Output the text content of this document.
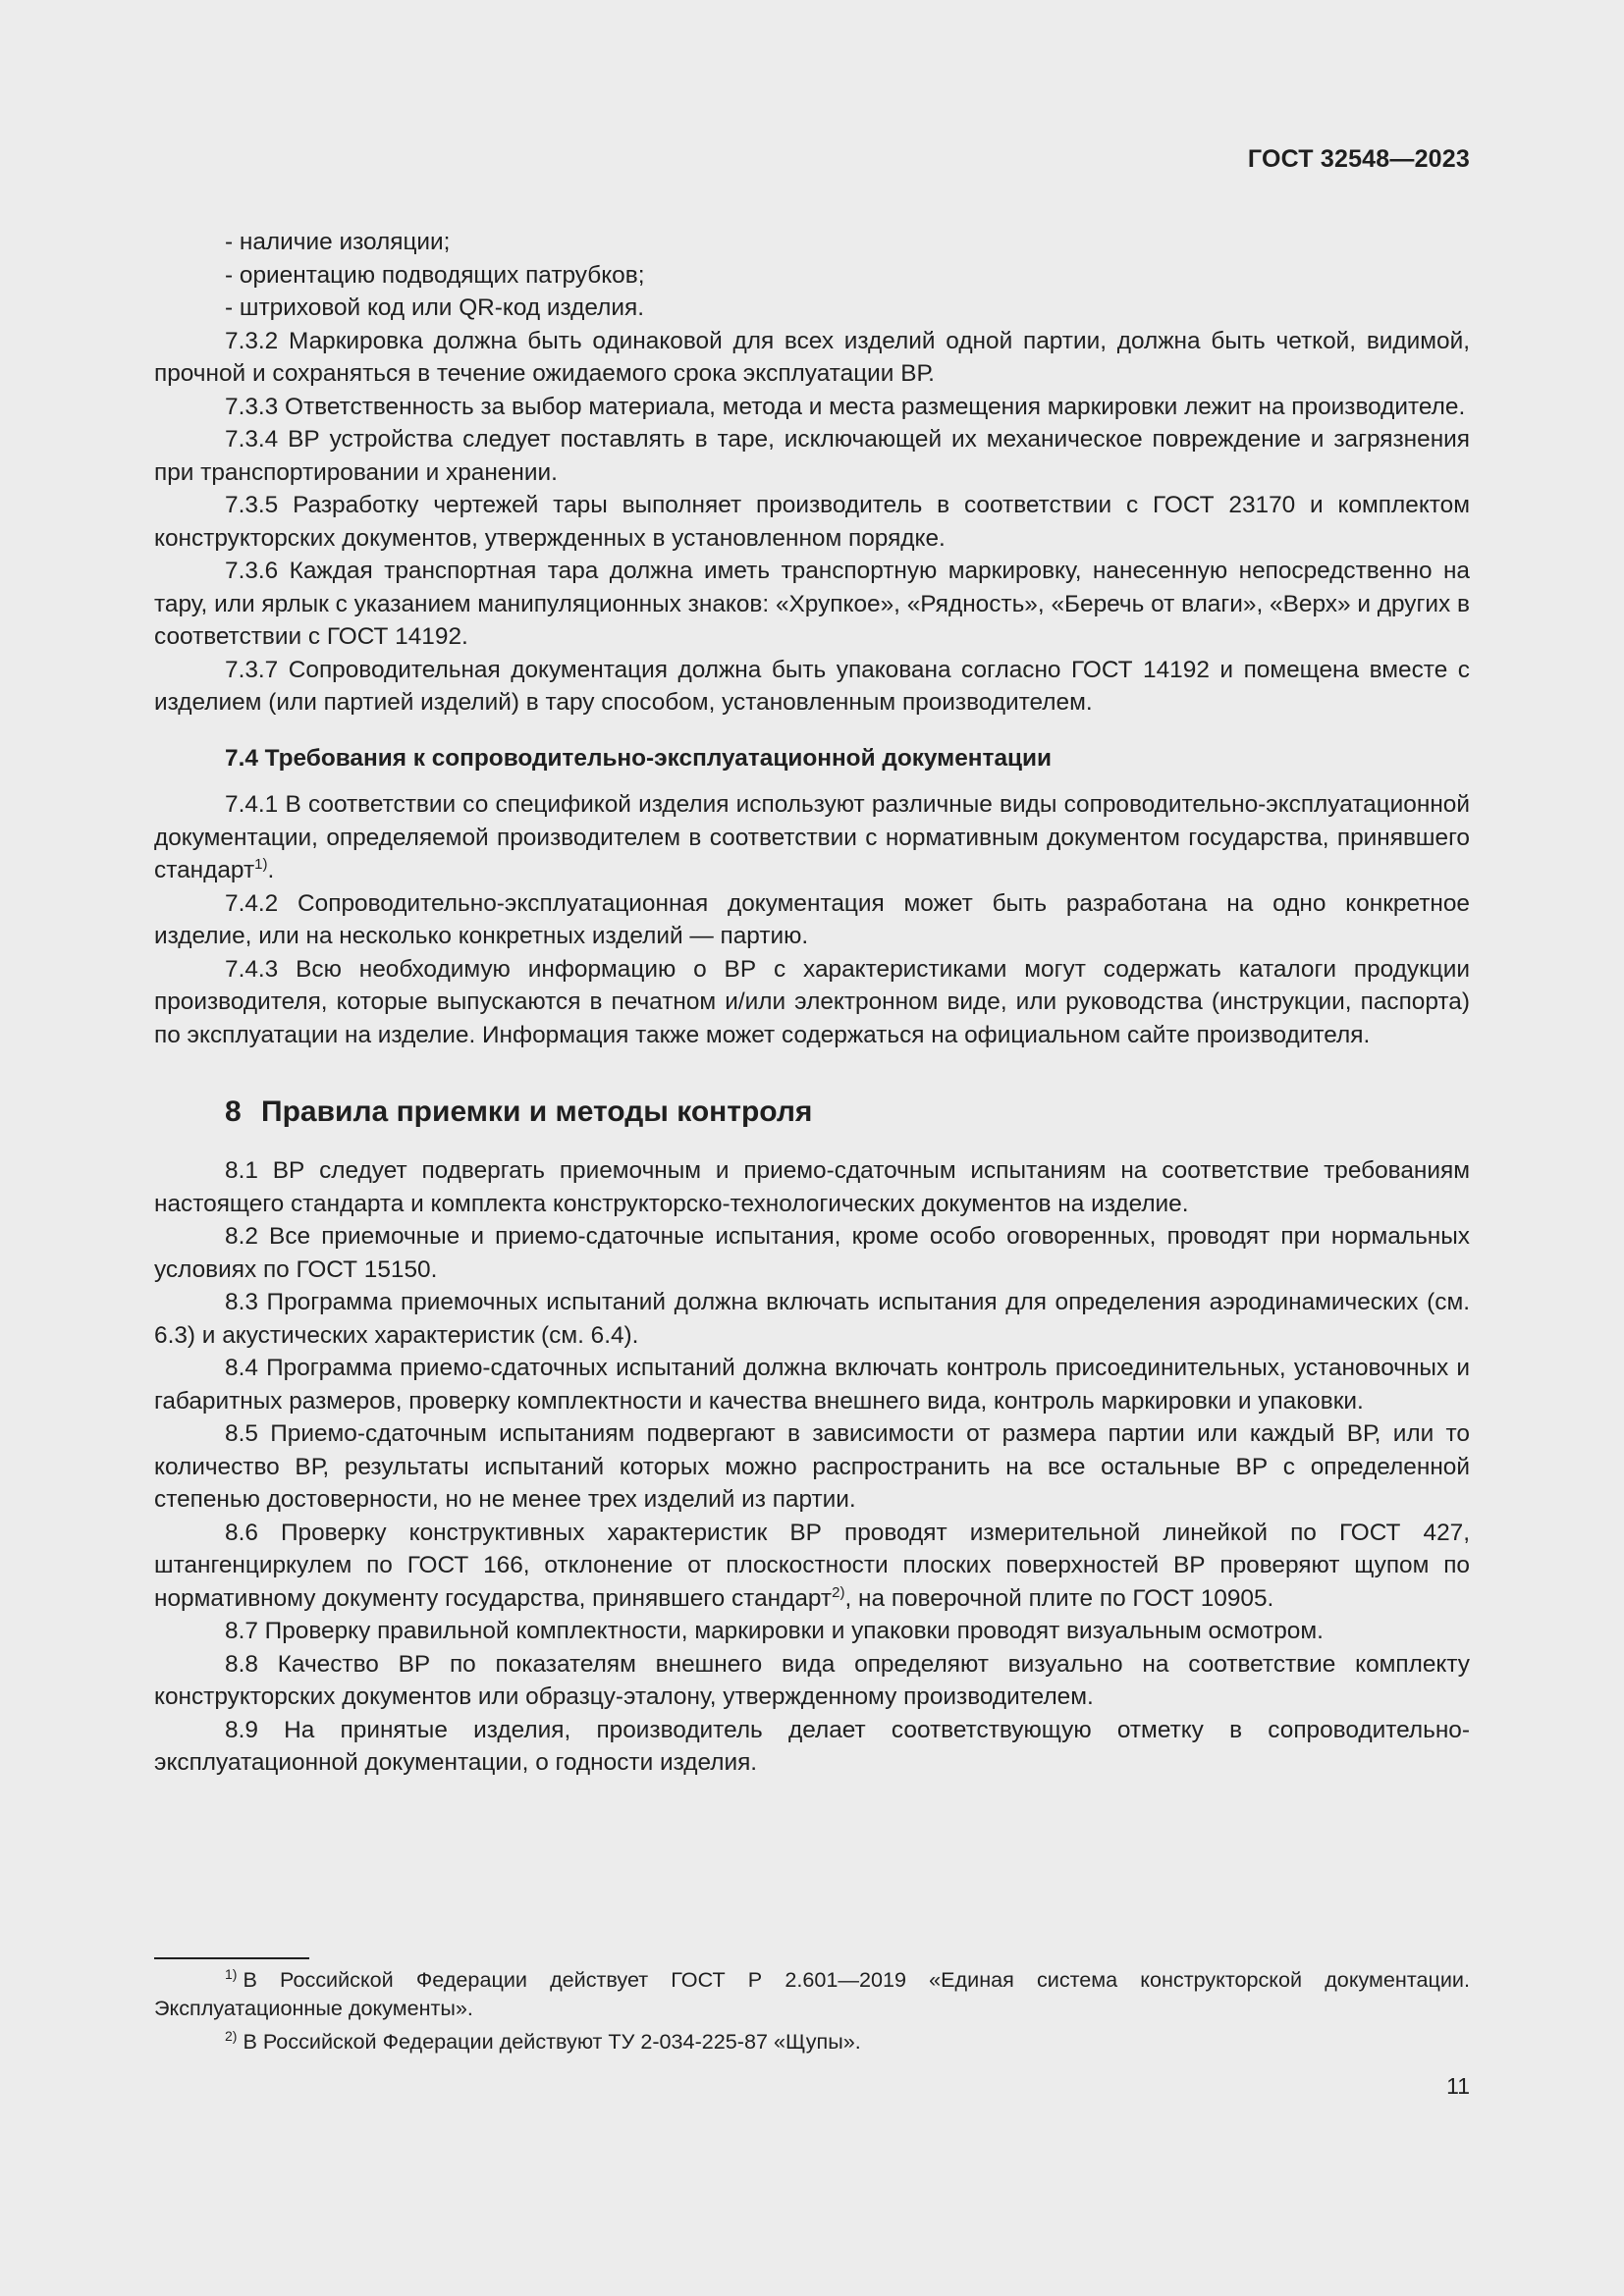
ГОСТ 32548—2023

- наличие изоляции;

- ориентацию подводящих патрубков;

- штриховой код или QR-код изделия.

7.3.2 Маркировка должна быть одинаковой для всех изделий одной партии, должна быть четкой, видимой, прочной и сохраняться в течение ожидаемого срока эксплуатации ВР.

7.3.3 Ответственность за выбор материала, метода и места размещения маркировки лежит на производителе.

7.3.4 ВР устройства следует поставлять в таре, исключающей их механическое повреждение и загрязнения при транспортировании и хранении.

7.3.5 Разработку чертежей тары выполняет производитель в соответствии с ГОСТ 23170 и комплектом конструкторских документов, утвержденных в установленном порядке.

7.3.6 Каждая транспортная тара должна иметь транспортную маркировку, нанесенную непосредственно на тару, или ярлык с указанием манипуляционных знаков: «Хрупкое», «Рядность», «Беречь от влаги», «Верх» и других в соответствии с ГОСТ 14192.

7.3.7 Сопроводительная документация должна быть упакована согласно ГОСТ 14192 и помещена вместе с изделием (или партией изделий) в тару способом, установленным производителем.

7.4 Требования к сопроводительно-эксплуатационной документации

7.4.1 В соответствии со спецификой изделия используют различные виды сопроводительно-эксплуатационной документации, определяемой производителем в соответствии с нормативным документом государства, принявшего стандарт$^{1)}$.

7.4.2 Сопроводительно-эксплуатационная документация может быть разработана на одно конкретное изделие, или на несколько конкретных изделий — партию.

7.4.3 Всю необходимую информацию о ВР с характеристиками могут содержать каталоги продукции производителя, которые выпускаются в печатном и/или электронном виде, или руководства (инструкции, паспорта) по эксплуатации на изделие. Информация также может содержаться на официальном сайте производителя.

8 Правила приемки и методы контроля

8.1 ВР следует подвергать приемочным и приемо-сдаточным испытаниям на соответствие требованиям настоящего стандарта и комплекта конструкторско-технологических документов на изделие.

8.2 Все приемочные и приемо-сдаточные испытания, кроме особо оговоренных, проводят при нормальных условиях по ГОСТ 15150.

8.3 Программа приемочных испытаний должна включать испытания для определения аэродинамических (см. 6.3) и акустических характеристик (см. 6.4).

8.4 Программа приемо-сдаточных испытаний должна включать контроль присоединительных, установочных и габаритных размеров, проверку комплектности и качества внешнего вида, контроль маркировки и упаковки.

8.5 Приемо-сдаточным испытаниям подвергают в зависимости от размера партии или каждый ВР, или то количество ВР, результаты испытаний которых можно распространить на все остальные ВР с определенной степенью достоверности, но не менее трех изделий из партии.

8.6 Проверку конструктивных характеристик ВР проводят измерительной линейкой по ГОСТ 427, штангенциркулем по ГОСТ 166, отклонение от плоскостности плоских поверхностей ВР проверяют щупом по нормативному документу государства, принявшего стандарт$^{2)}$, на поверочной плите по ГОСТ 10905.

8.7 Проверку правильной комплектности, маркировки и упаковки проводят визуальным осмотром.

8.8 Качество ВР по показателям внешнего вида определяют визуально на соответствие комплекту конструкторских документов или образцу-эталону, утвержденному производителем.

8.9 На принятые изделия, производитель делает соответствующую отметку в сопроводительно-эксплуатационной документации, о годности изделия.

$^{1)}$ В Российской Федерации действует ГОСТ Р 2.601—2019 «Единая система конструкторской документации. Эксплуатационные документы».

$^{2)}$ В Российской Федерации действуют ТУ 2-034-225-87 «Щупы».

11
